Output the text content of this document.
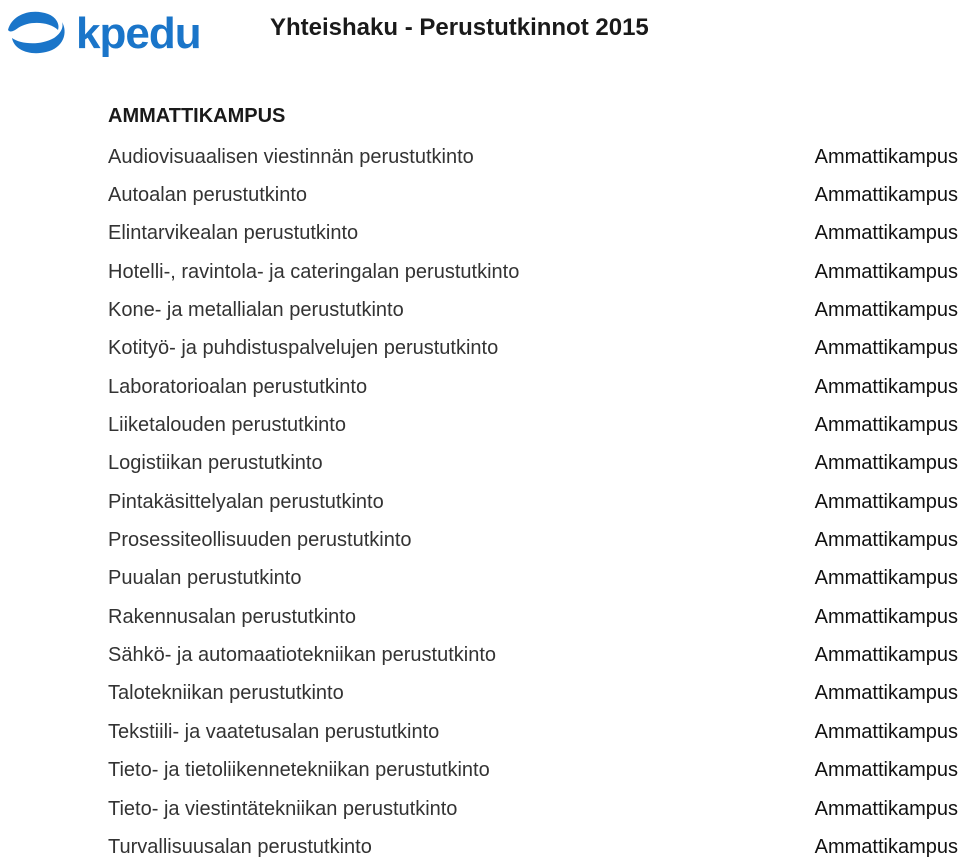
kpedu	Yhteishaku - Perustutkinnot 2015
AMMATTIKAMPUS
Audiovisuaalisen viestinnän perustutkinto	Ammattikampus
Autoalan perustutkinto	Ammattikampus
Elintarvikealan perustutkinto	Ammattikampus
Hotelli-, ravintola- ja cateringalan perustutkinto	Ammattikampus
Kone- ja metallialan perustutkinto	Ammattikampus
Kotityö- ja puhdistuspalvelujen perustutkinto	Ammattikampus
Laboratorioalan perustutkinto	Ammattikampus
Liiketalouden perustutkinto	Ammattikampus
Logistiikan perustutkinto	Ammattikampus
Pintakäsittelyalan perustutkinto	Ammattikampus
Prosessiteollisuuden perustutkinto	Ammattikampus
Puualan perustutkinto	Ammattikampus
Rakennusalan perustutkinto	Ammattikampus
Sähkö- ja automaatiotekniikan perustutkinto	Ammattikampus
Talotekniikan perustutkinto	Ammattikampus
Tekstiili- ja vaatetusalan perustutkinto	Ammattikampus
Tieto- ja tietoliikennetekniikan perustutkinto	Ammattikampus
Tieto- ja viestintätekniikan perustutkinto	Ammattikampus
Turvallisuusalan perustutkinto	Ammattikampus
